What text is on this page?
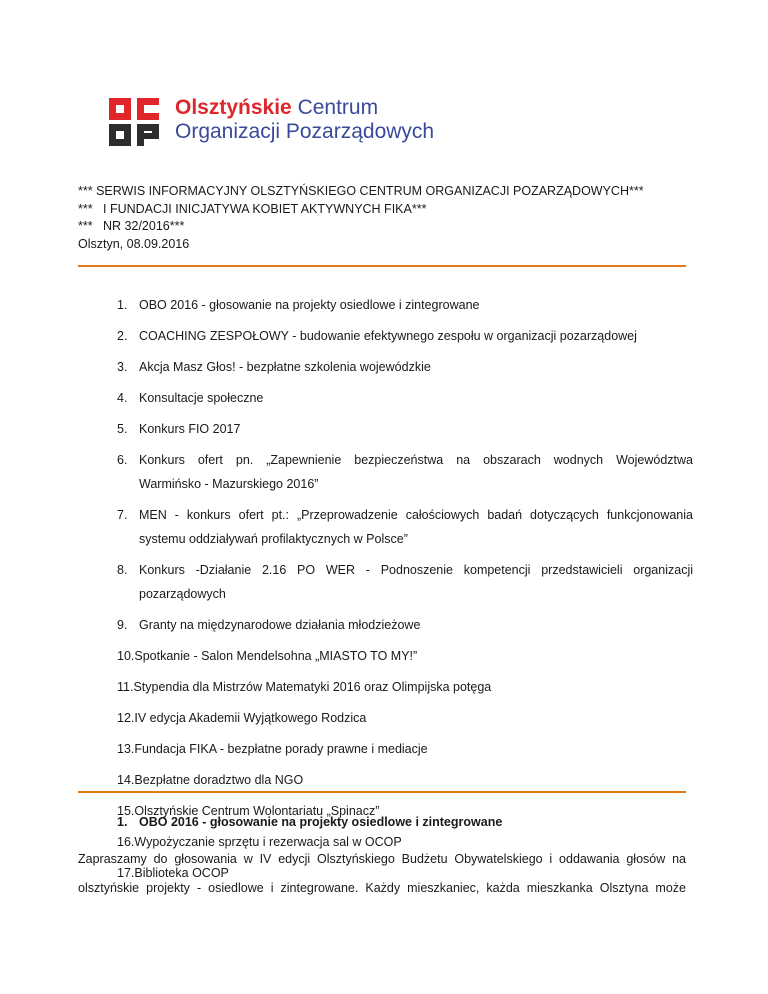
Olsztyńskie Centrum
Organizacji Pozarządowych
*** SERWIS INFORMACYJNY OLSZTYŃSKIEGO CENTRUM ORGANIZACJI POZARZĄDOWYCH***
***   I FUNDACJI INICJATYWA KOBIET AKTYWNYCH FIKA***
***   NR 32/2016***
Olsztyn, 08.09.2016
1. OBO 2016 - głosowanie na projekty osiedlowe i zintegrowane
2. COACHING ZESPOŁOWY - budowanie efektywnego zespołu w organizacji pozarządowej
3. Akcja Masz Głos! - bezpłatne szkolenia wojewódzkie
4. Konsultacje społeczne
5. Konkurs FIO 2017
6. Konkurs ofert pn. „Zapewnienie bezpieczeństwa na obszarach wodnych Województwa
Warmińsko - Mazurskiego 2016”
7. MEN - konkurs ofert pt.: „Przeprowadzenie całościowych badań dotyczących funkcjonowania
systemu oddziaływań profilaktycznych w Polsce”
8. Konkurs -Działanie 2.16 PO WER - Podnoszenie kompetencji przedstawicieli organizacji
pozarządowych
9. Granty na międzynarodowe działania młodzieżowe
10.Spotkanie - Salon Mendelsohna „MIASTO TO MY!”
11.Stypendia dla Mistrzów Matematyki 2016 oraz Olimpijska potęga
12.IV edycja Akademii Wyjątkowego Rodzica
13.Fundacja FIKA - bezpłatne porady prawne i mediacje
14.Bezpłatne doradztwo dla NGO
15.Olsztyńskie Centrum Wolontariatu „Spinacz”
16.Wypożyczanie sprzętu i rezerwacja sal w OCOP
17.Biblioteka OCOP
1. OBO 2016 - głosowanie na projekty osiedlowe i zintegrowane
Zapraszamy do głosowania w IV edycji Olsztyńskiego Budżetu Obywatelskiego i oddawania głosów na
olsztyńskie projekty - osiedlowe i zintegrowane. Każdy mieszkaniec, każda mieszkanka Olsztyna może
